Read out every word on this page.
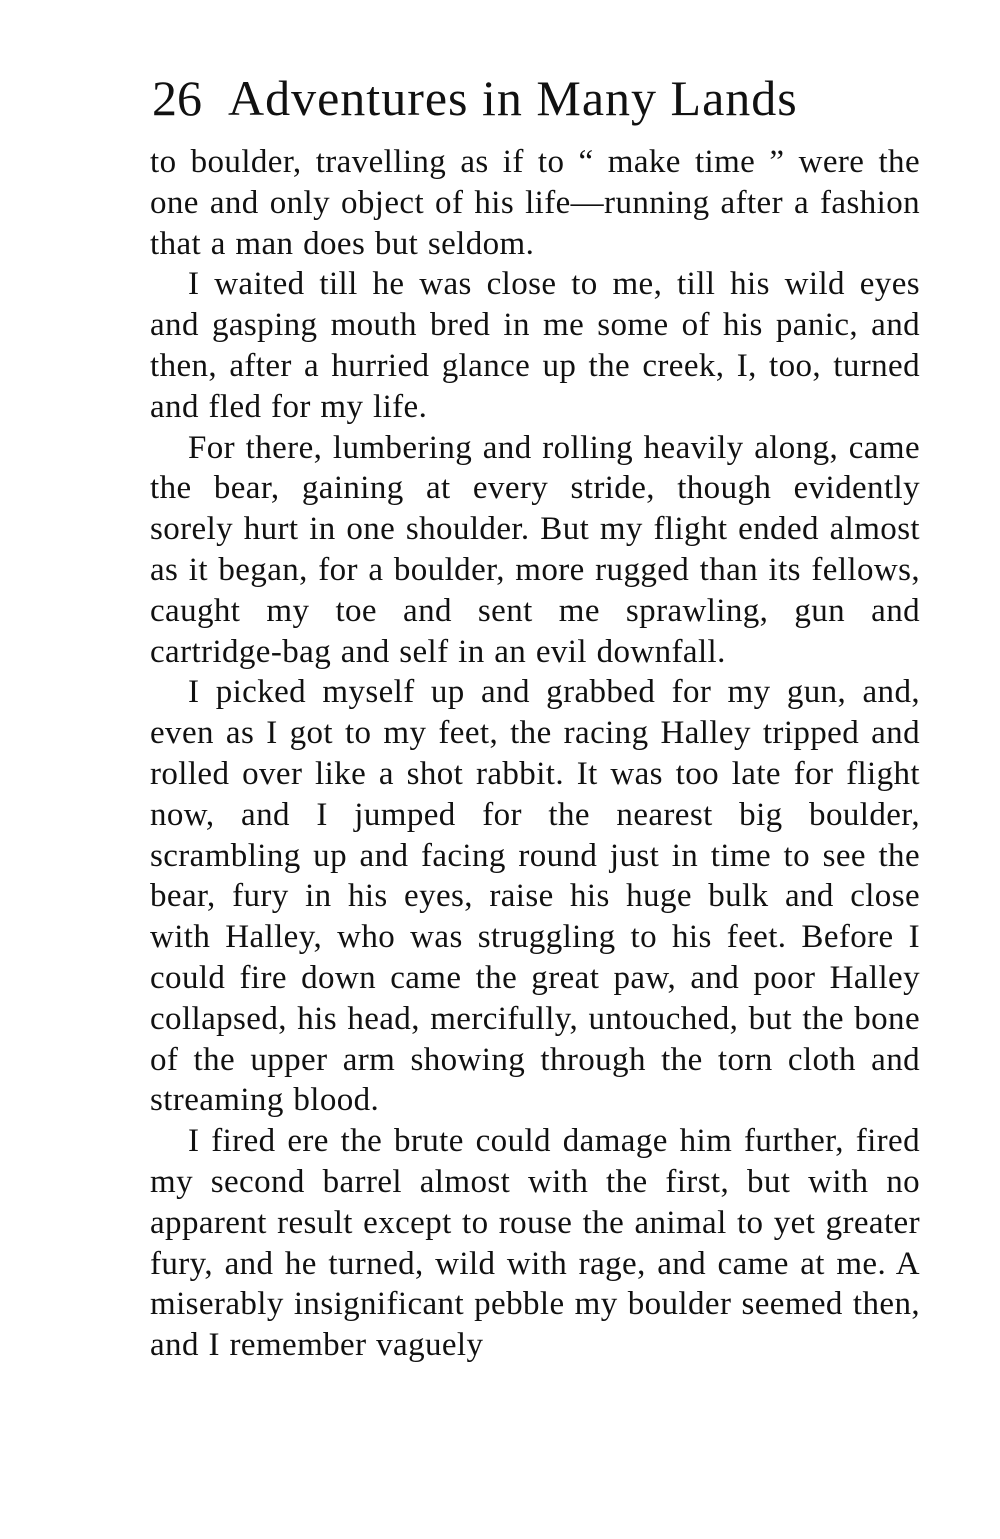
26 Adventures in Many Lands

to boulder, travelling as if to “ make time ” were the one and only object of his life—running after a fashion that a man does but seldom.

I waited till he was close to me, till his wild eyes and gasping mouth bred in me some of his panic, and then, after a hurried glance up the creek, I, too, turned and fled for my life.

For there, lumbering and rolling heavily along, came the bear, gaining at every stride, though evidently sorely hurt in one shoulder. But my flight ended almost as it began, for a boulder, more rugged than its fellows, caught my toe and sent me sprawling, gun and cartridge-bag and self in an evil downfall.

I picked myself up and grabbed for my gun, and, even as I got to my feet, the racing Halley tripped and rolled over like a shot rabbit. It was too late for flight now, and I jumped for the nearest big boulder, scrambling up and facing round just in time to see the bear, fury in his eyes, raise his huge bulk and close with Halley, who was struggling to his feet. Before I could fire down came the great paw, and poor Halley collapsed, his head, mercifully, untouched, but the bone of the upper arm showing through the torn cloth and streaming blood.

I fired ere the brute could damage him further, fired my second barrel almost with the first, but with no apparent result except to rouse the animal to yet greater fury, and he turned, wild with rage, and came at me. A miserably insignificant pebble my boulder seemed then, and I remember vaguely
